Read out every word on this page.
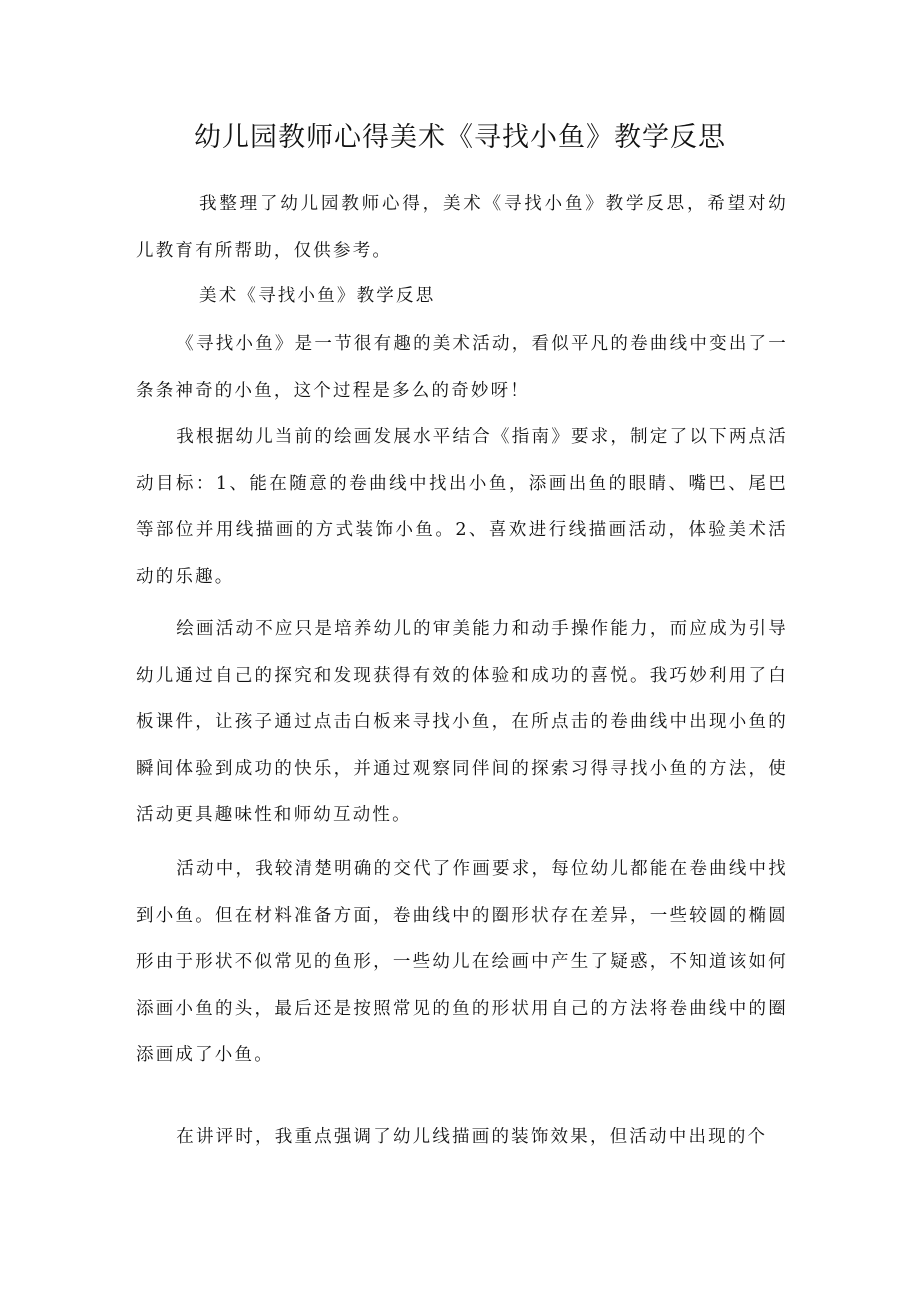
幼儿园教师心得美术《寻找小鱼》教学反思

我整理了幼儿园教师心得，美术《寻找小鱼》教学反思，希望对幼儿教育有所帮助，仅供参考。

美术《寻找小鱼》教学反思

《寻找小鱼》是一节很有趣的美术活动，看似平凡的卷曲线中变出了一条条神奇的小鱼，这个过程是多么的奇妙呀！

我根据幼儿当前的绘画发展水平结合《指南》要求，制定了以下两点活动目标：1、能在随意的卷曲线中找出小鱼，添画出鱼的眼睛、嘴巴、尾巴等部位并用线描画的方式装饰小鱼。2、喜欢进行线描画活动，体验美术活动的乐趣。

绘画活动不应只是培养幼儿的审美能力和动手操作能力，而应成为引导幼儿通过自己的探究和发现获得有效的体验和成功的喜悦。我巧妙利用了白板课件，让孩子通过点击白板来寻找小鱼，在所点击的卷曲线中出现小鱼的瞬间体验到成功的快乐，并通过观察同伴间的探索习得寻找小鱼的方法，使活动更具趣味性和师幼互动性。

活动中，我较清楚明确的交代了作画要求，每位幼儿都能在卷曲线中找到小鱼。但在材料准备方面，卷曲线中的圈形状存在差异，一些较圆的椭圆形由于形状不似常见的鱼形，一些幼儿在绘画中产生了疑惑，不知道该如何添画小鱼的头，最后还是按照常见的鱼的形状用自己的方法将卷曲线中的圈添画成了小鱼。

在讲评时，我重点强调了幼儿线描画的装饰效果，但活动中出现的个
